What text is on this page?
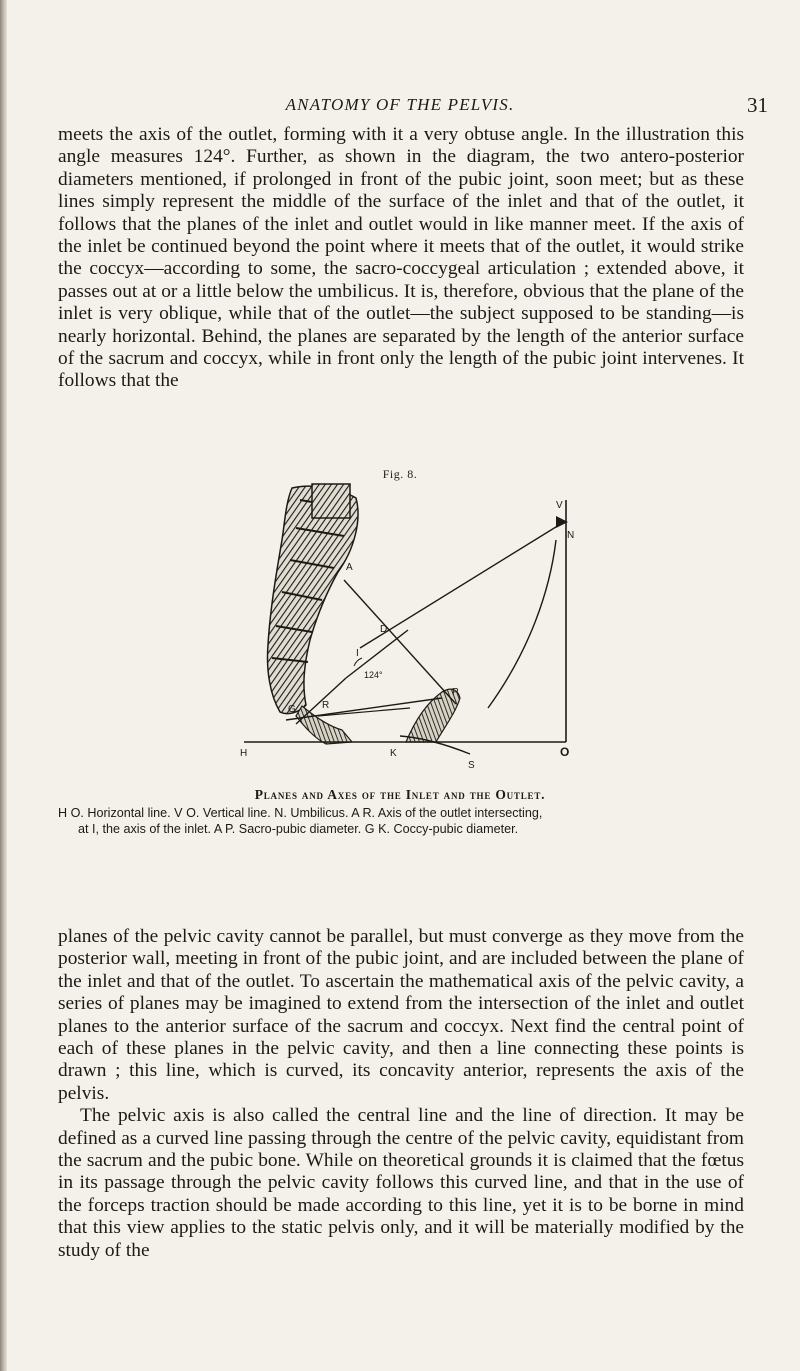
ANATOMY OF THE PELVIS.	31

meets the axis of the outlet, forming with it a very obtuse angle. In the illustration this angle measures 124°. Further, as shown in the diagram, the two antero-posterior diameters mentioned, if prolonged in front of the pubic joint, soon meet; but as these lines simply represent the middle of the surface of the inlet and that of the outlet, it follows that the planes of the inlet and outlet would in like manner meet. If the axis of the inlet be continued beyond the point where it meets that of the outlet, it would strike the coccyx—according to some, the sacro-coccygeal articulation ; extended above, it passes out at or a little below the umbilicus. It is, therefore, obvious that the plane of the inlet is very oblique, while that of the outlet—the subject supposed to be standing—is nearly horizontal. Behind, the planes are separated by the length of the anterior surface of the sacrum and coccyx, while in front only the length of the pubic joint intervenes. It follows that the

Fig. 8.
V
N
A
D
I
124°
P
G	R
H	K	O
S
Planes and Axes of the Inlet and the Outlet.

H O. Horizontal line. V O. Vertical line. N. Umbilicus. A R. Axis of the outlet intersecting,

at I, the axis of the inlet. A P. Sacro-pubic diameter. G K. Coccy-pubic diameter.

planes of the pelvic cavity cannot be parallel, but must converge as they move from the posterior wall, meeting in front of the pubic joint, and are included between the plane of the inlet and that of the outlet. To ascertain the mathematical axis of the pelvic cavity, a series of planes may be imagined to extend from the intersection of the inlet and outlet planes to the anterior surface of the sacrum and coccyx. Next find the central point of each of these planes in the pelvic cavity, and then a line connecting these points is drawn ; this line, which is curved, its concavity anterior, represents the axis of the pelvis.

The pelvic axis is also called the central line and the line of direction. It may be defined as a curved line passing through the centre of the pelvic cavity, equidistant from the sacrum and the pubic bone. While on theoretical grounds it is claimed that the fœtus in its passage through the pelvic cavity follows this curved line, and that in the use of the forceps traction should be made according to this line, yet it is to be borne in mind that this view applies to the static pelvis only, and it will be materially modified by the study of the
